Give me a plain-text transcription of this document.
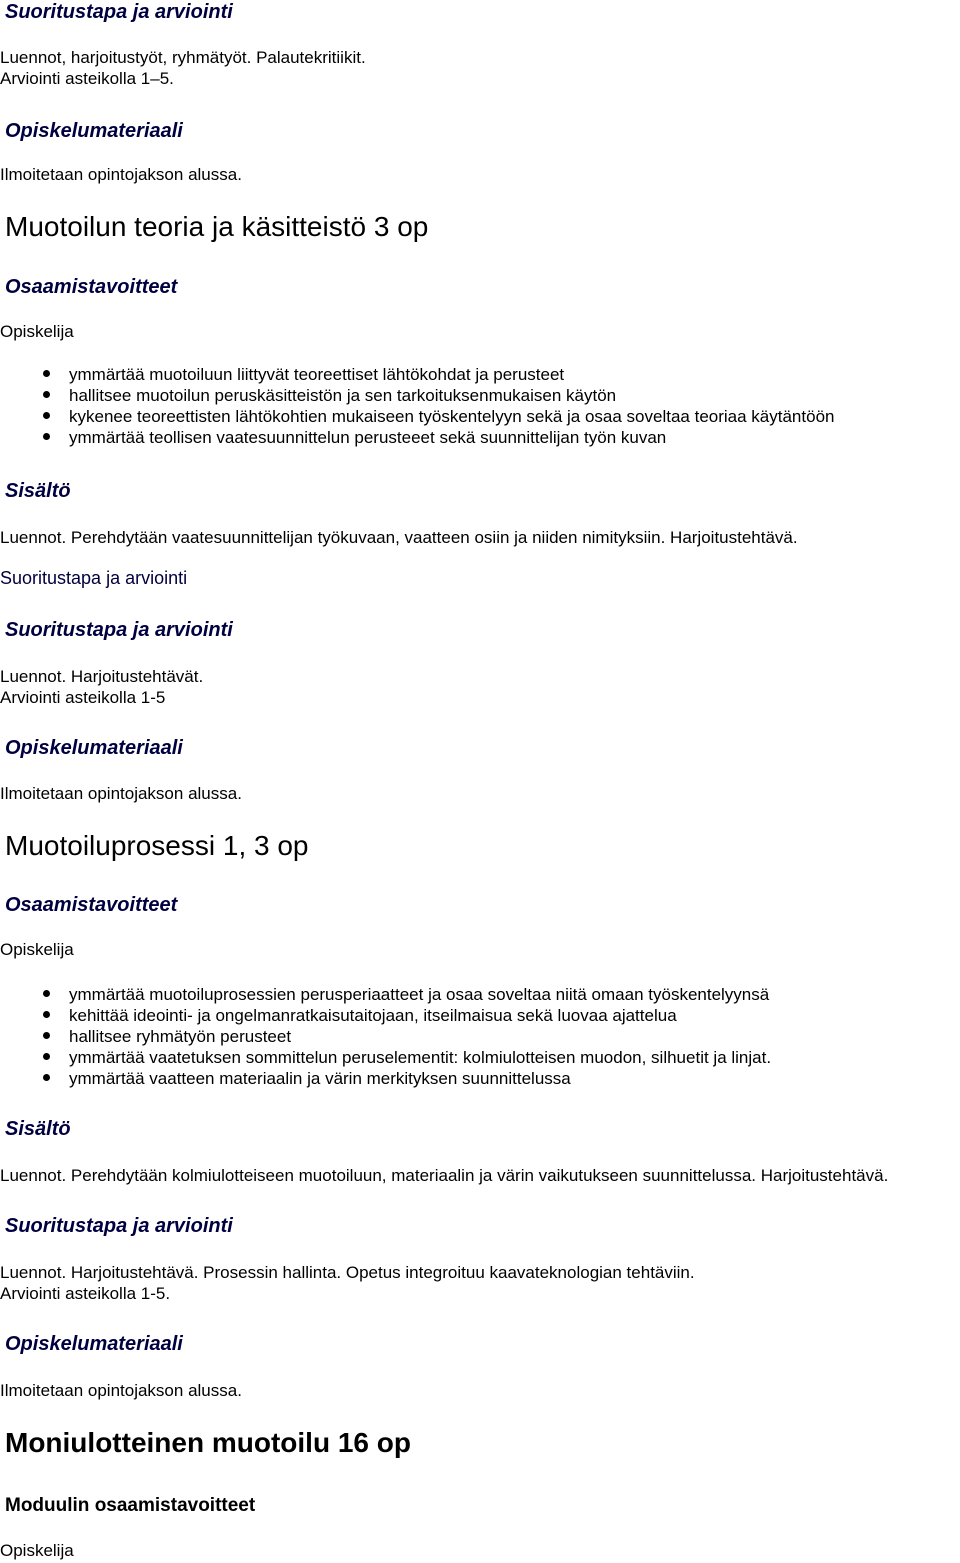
Suoritustapa ja arviointi
Luennot, harjoitustyöt, ryhmätyöt. Palautekritiikit.
Arviointi asteikolla 1–5.
Opiskelumateriaali
Ilmoitetaan opintojakson alussa.
Muotoilun teoria ja käsitteistö 3 op
Osaamistavoitteet
Opiskelija
ymmärtää muotoiluun liittyvät teoreettiset lähtökohdat ja perusteet
hallitsee muotoilun peruskäsitteistön ja sen tarkoituksenmukaisen käytön
kykenee teoreettisten lähtökohtien mukaiseen työskentelyyn sekä ja osaa soveltaa teoriaa käytäntöön
ymmärtää teollisen vaatesuunnittelun perusteeet sekä suunnittelijan työn kuvan
Sisältö
Luennot. Perehdytään vaatesuunnittelijan työkuvaan, vaatteen osiin ja niiden nimityksiin. Harjoitustehtävä.
Suoritustapa ja arviointi
Suoritustapa ja arviointi
Luennot. Harjoitustehtävät.
Arviointi asteikolla 1-5
Opiskelumateriaali
Ilmoitetaan opintojakson alussa.
Muotoiluprosessi 1, 3 op
Osaamistavoitteet
Opiskelija
ymmärtää muotoiluprosessien perusperiaatteet ja osaa soveltaa niitä omaan työskentelyynsä
kehittää ideointi- ja ongelmanratkaisutaitojaan, itseilmaisua sekä luovaa ajattelua
hallitsee ryhmätyön perusteet
ymmärtää vaatetuksen sommittelun peruselementit: kolmiulotteisen muodon, silhuetit ja linjat.
ymmärtää vaatteen materiaalin ja värin merkityksen suunnittelussa
Sisältö
Luennot. Perehdytään kolmiulotteiseen muotoiluun, materiaalin ja värin vaikutukseen suunnittelussa. Harjoitustehtävä.
Suoritustapa ja arviointi
Luennot. Harjoitustehtävä. Prosessin hallinta. Opetus integroituu kaavateknologian tehtäviin.
Arviointi asteikolla 1-5.
Opiskelumateriaali
Ilmoitetaan opintojakson alussa.
Moniulotteinen muotoilu 16 op
Moduulin osaamistavoitteet
Opiskelija
